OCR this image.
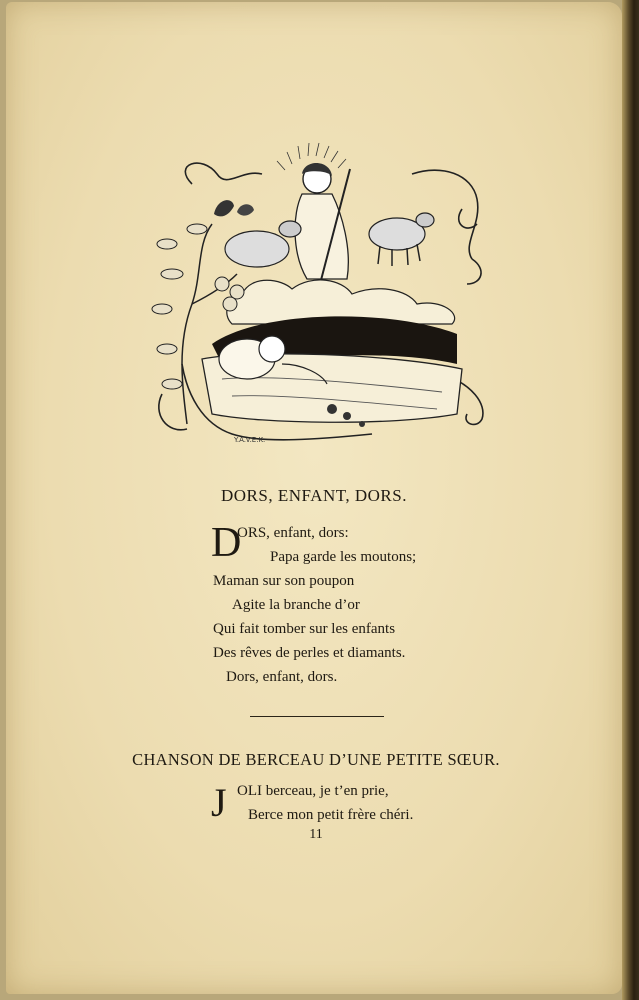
Y.A.v.E.K.
DORS, ENFANT, DORS.
D
ORS, enfant, dors:
Papa garde les moutons;
Maman sur son poupon
Agite la branche d’or
Qui fait tomber sur les enfants
Des rêves de perles et diamants.
Dors, enfant, dors.
CHANSON DE BERCEAU D’UNE PETITE SŒUR.
J OLI berceau, je t’en prie,
Berce mon petit frère chéri.
11
